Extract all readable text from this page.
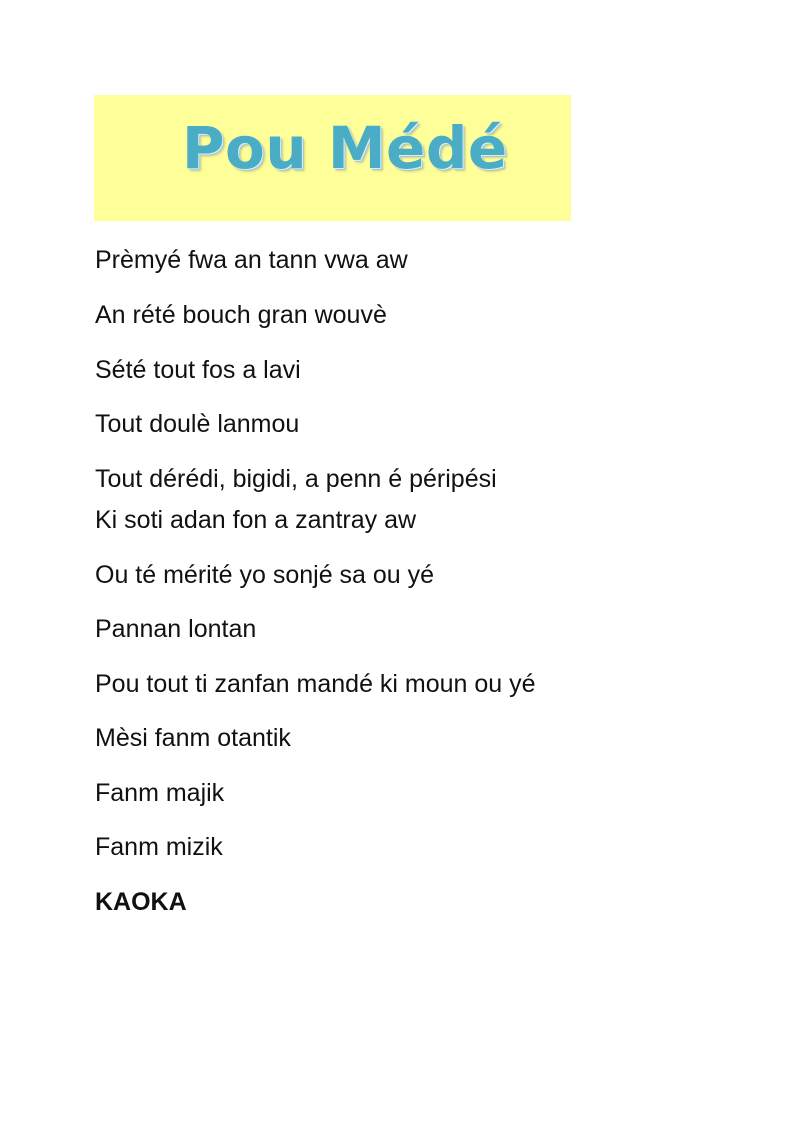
Pou Médé

Prèmyé fwa an tann vwa aw

An rété bouch gran wouvè

Sété tout fos a lavi

Tout doulè lanmou

Tout dérédi, bigidi, a penn é péripési

Ki soti adan fon a zantray aw

Ou té mérité yo sonjé sa ou yé

Pannan lontan

Pou tout ti zanfan mandé ki moun ou yé

Mèsi fanm otantik

Fanm majik

Fanm mizik

KAOKA
